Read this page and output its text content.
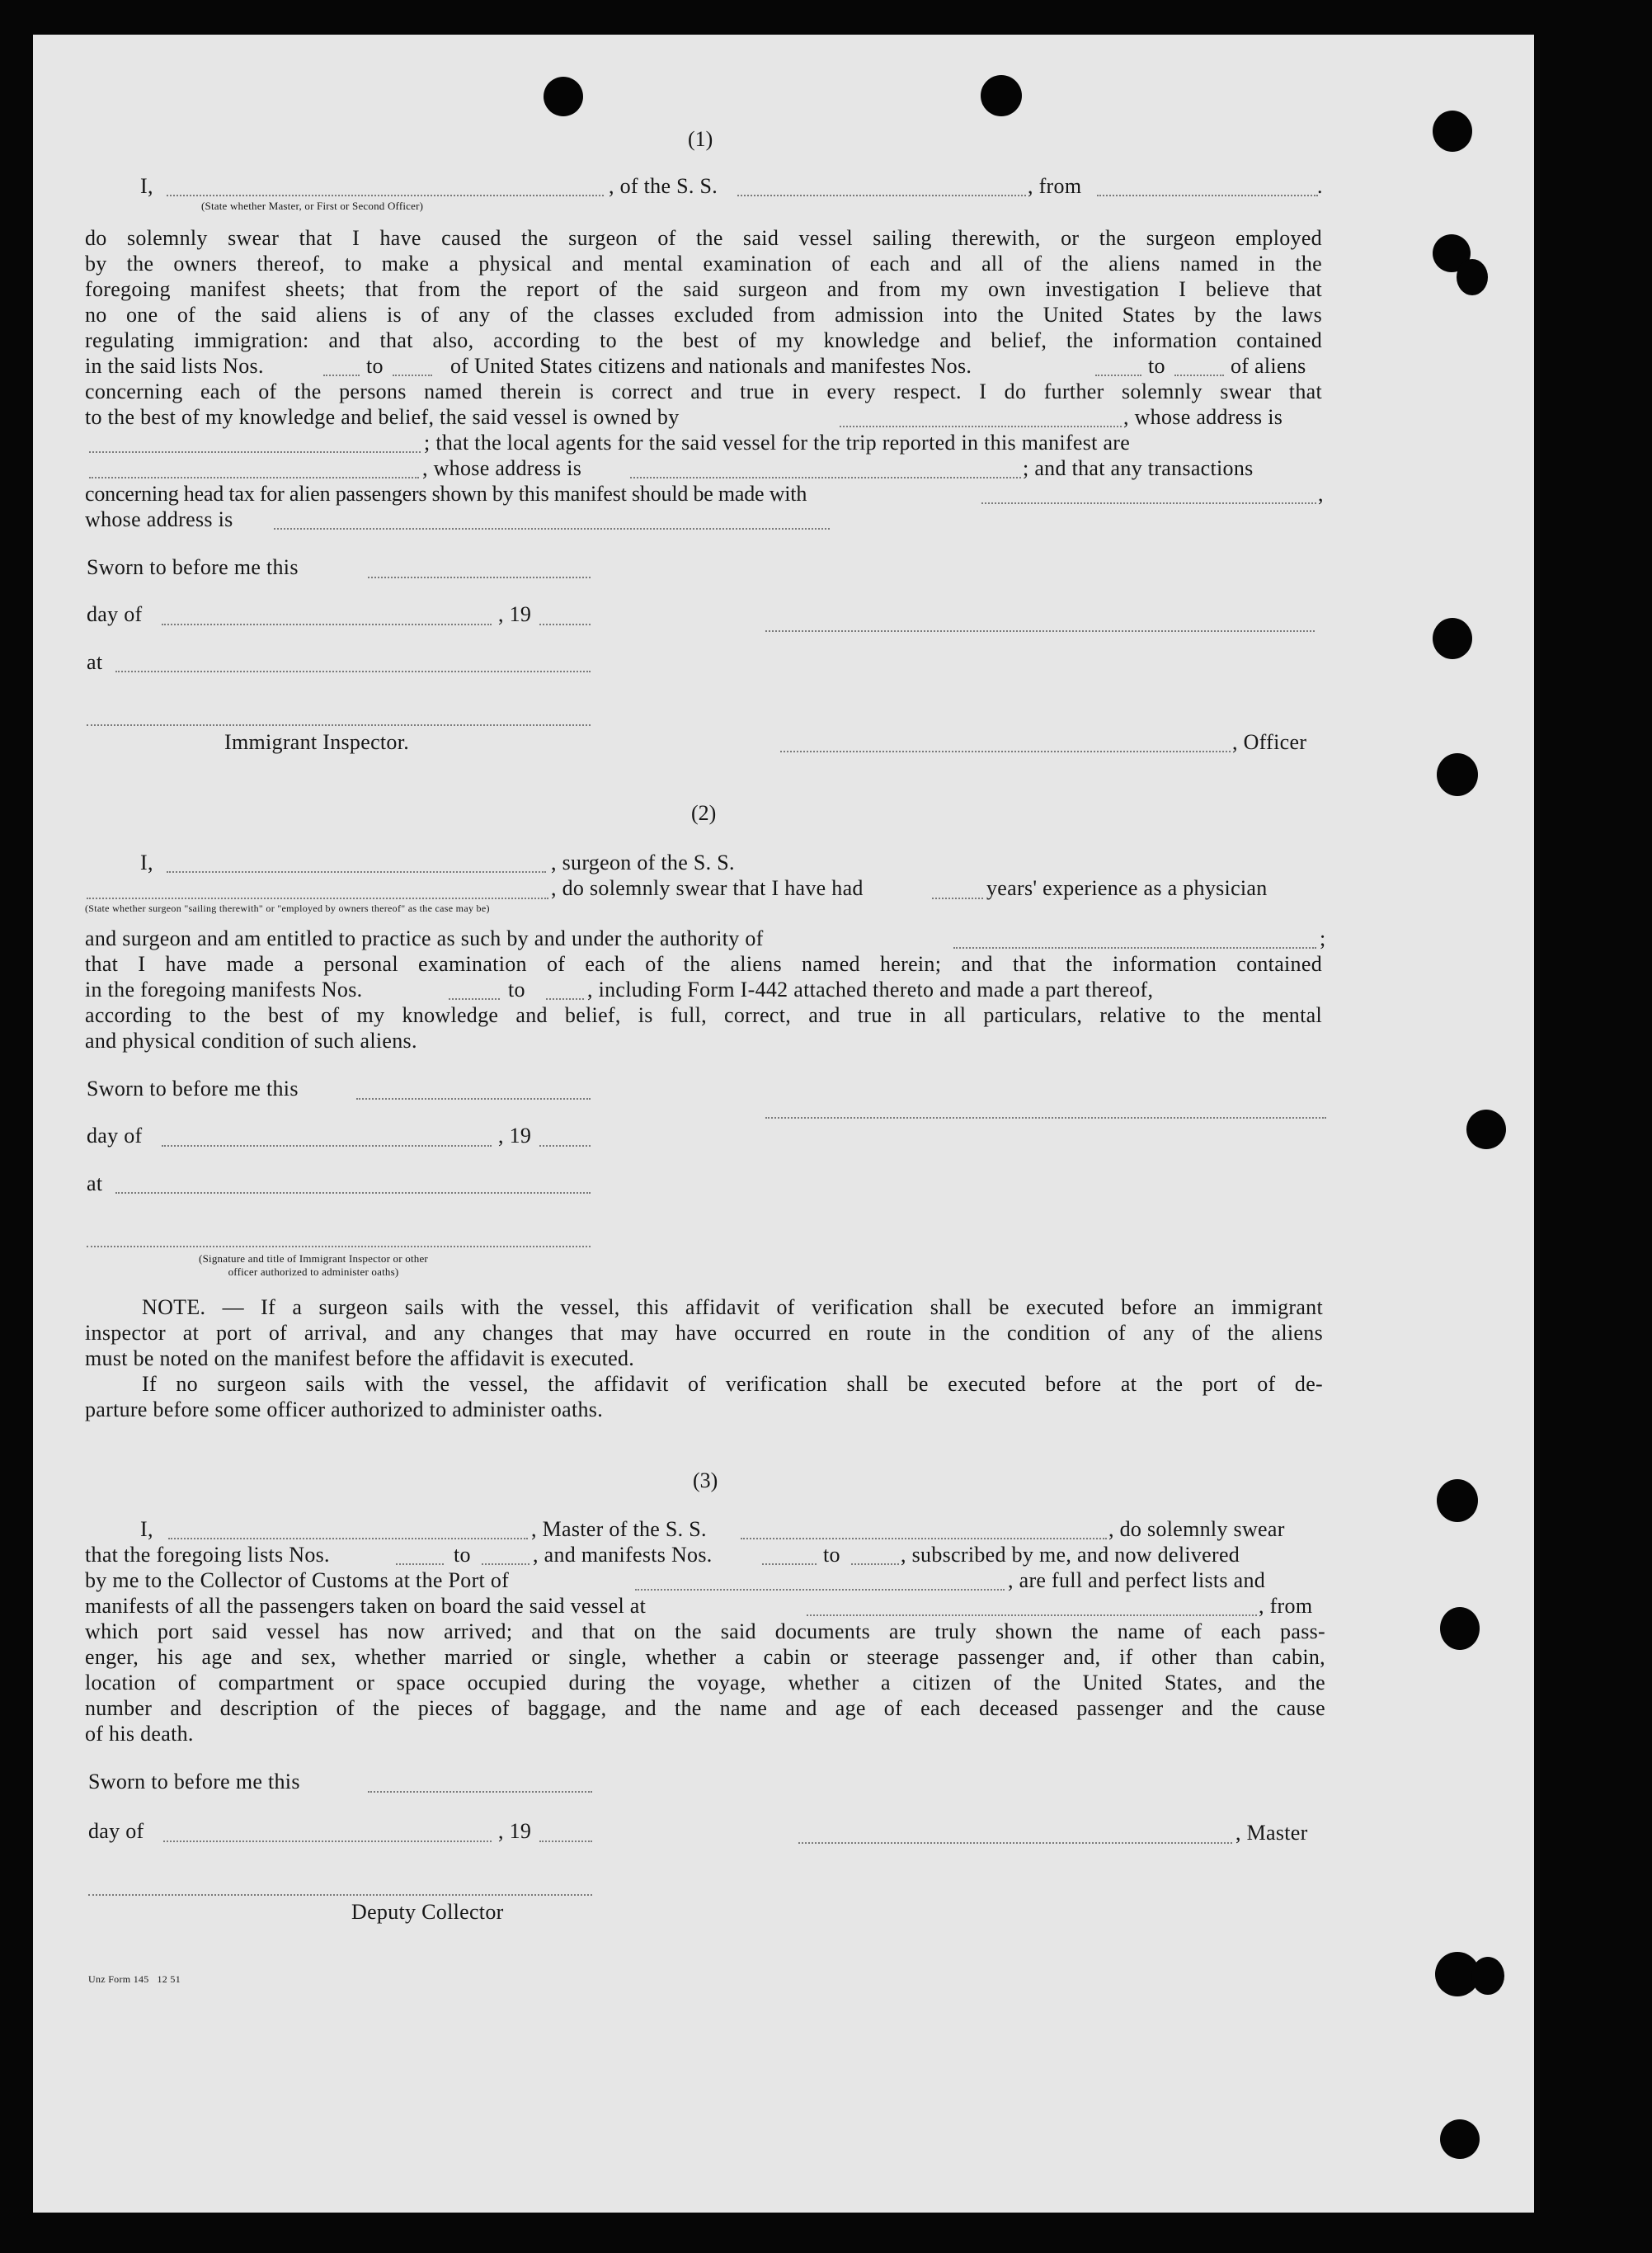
(1)
I,	, of the S. S.	, from	.
(State whether Master, or First or Second Officer)
do solemnly swear that I have caused the surgeon of the said vessel sailing therewith, or the surgeon employed
by the owners thereof, to make a physical and mental examination of each and all of the aliens named in the
foregoing manifest sheets; that from the report of the said surgeon and from my own investigation I believe that
no one of the said aliens is of any of the classes excluded from admission into the United States by the laws
regulating immigration: and that also, according to the best of my knowledge and belief, the information contained
in the said lists Nos.	to	of United States citizens and nationals and manifestes Nos.	to	of aliens
concerning each of the persons named therein is correct and true in every respect. I do further solemnly swear that
to the best of my knowledge and belief, the said vessel is owned by	, whose address is
; that the local agents for the said vessel for the trip reported in this manifest are
, whose address is	; and that any transactions
concerning head tax for alien passengers shown by this manifest should be made with	,
whose address is
Sworn to before me this
day of	, 19
at
Immigrant Inspector.	, Officer
(2)
I,	, surgeon of the S. S.
, do solemnly swear that I have had	years' experience as a physician
(State whether surgeon "sailing therewith" or "employed by owners thereof" as the case may be)
and surgeon and am entitled to practice as such by and under the authority of	;
that I have made a personal examination of each of the aliens named herein; and that the information contained
in the foregoing manifests Nos.	to	, including Form I-442 attached thereto and made a part thereof,
according to the best of my knowledge and belief, is full, correct, and true in all particulars, relative to the mental
and physical condition of such aliens.
Sworn to before me this
day of	, 19
at
(Signature and title of Immigrant Inspector or other
officer authorized to administer oaths)
NOTE. — If a surgeon sails with the vessel, this affidavit of verification shall be executed before an immigrant
inspector at port of arrival, and any changes that may have occurred en route in the condition of any of the aliens
must be noted on the manifest before the affidavit is executed.
If no surgeon sails with the vessel, the affidavit of verification shall be executed before at the port of de-
parture before some officer authorized to administer oaths.
(3)
I,	, Master of the S. S.	, do solemnly swear
that the foregoing lists Nos.	to	, and manifests Nos.	to	, subscribed by me, and now delivered
by me to the Collector of Customs at the Port of	, are full and perfect lists and
manifests of all the passengers taken on board the said vessel at	, from
which port said vessel has now arrived; and that on the said documents are truly shown the name of each pass-
enger, his age and sex, whether married or single, whether a cabin or steerage passenger and, if other than cabin,
location of compartment or space occupied during the voyage, whether a citizen of the United States, and the
number and description of the pieces of baggage, and the name and age of each deceased passenger and the cause
of his death.
Sworn to before me this
day of	, 19	, Master
Deputy Collector
Unz Form 145   12 51
